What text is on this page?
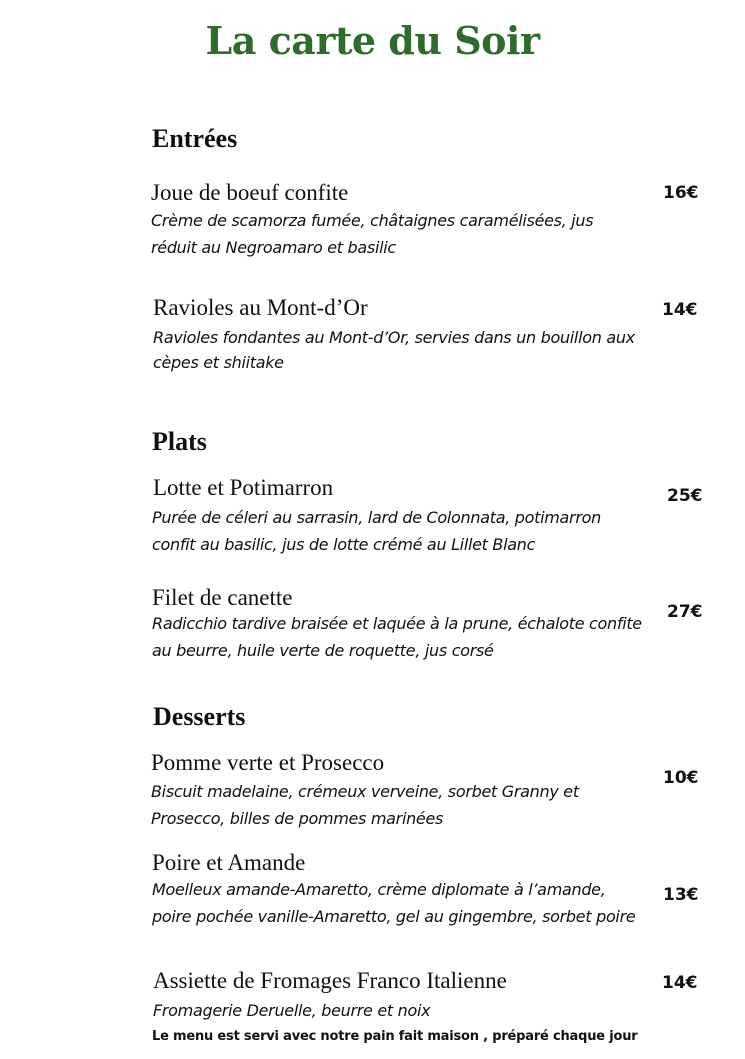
La carte du Soir
Entrées
Joue de boeuf confite	16€
Crème de scamorza fumée, châtaignes caramélisées, jus réduit au Negroamaro et basilic
Ravioles au Mont-d’Or	14€
Ravioles fondantes au Mont-d’Or, servies dans un bouillon aux cèpes et shiitake
Plats
Lotte et Potimarron	25€
Purée de céleri au sarrasin, lard de Colonnata, potimarron confit au basilic, jus de lotte crémé au Lillet Blanc
Filet de canette
27€
Radicchio tardive braisée et laquée à la prune, échalote confite au beurre, huile verte de roquette, jus corsé
Desserts
Pomme verte et Prosecco
10€
Biscuit madelaine, crémeux verveine, sorbet Granny et Prosecco, billes de pommes marinées
Poire et Amande
13€
Moelleux amande-Amaretto, crème diplomate à l’amande, poire pochée vanille-Amaretto, gel au gingembre, sorbet poire
Assiette de Fromages Franco Italienne	14€
Fromagerie Deruelle, beurre et noix
Le menu est servi avec notre pain fait maison , préparé chaque jour
